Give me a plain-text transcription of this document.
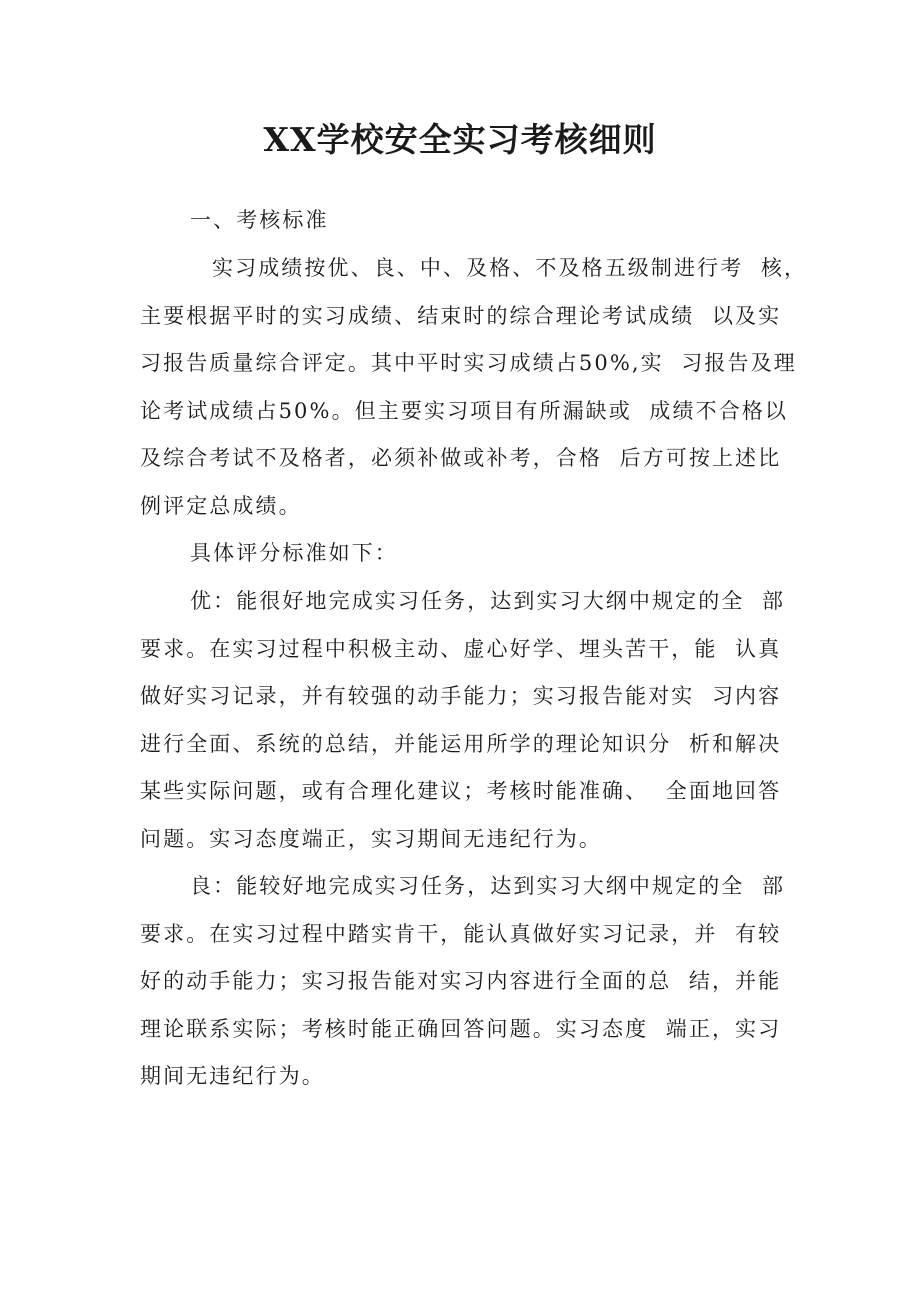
XX学校安全实习考核细则

一、考核标准

实习成绩按优、良、中、及格、不及格五级制进行考  核，

主要根据平时的实习成绩、结束时的综合理论考试成绩  以及实

习报告质量综合评定。其中平时实习成绩占50%,实  习报告及理

论考试成绩占50%。但主要实习项目有所漏缺或  成绩不合格以

及综合考试不及格者，必须补做或补考，合格  后方可按上述比

例评定总成绩。

具体评分标准如下：

优：能很好地完成实习任务，达到实习大纲中规定的全  部

要求。在实习过程中积极主动、虚心好学、埋头苦干，能  认真

做好实习记录，并有较强的动手能力；实习报告能对实  习内容

进行全面、系统的总结，并能运用所学的理论知识分  析和解决

某些实际问题，或有合理化建议；考核时能准确、  全面地回答

问题。实习态度端正，实习期间无违纪行为。

良：能较好地完成实习任务，达到实习大纲中规定的全  部

要求。在实习过程中踏实肯干，能认真做好实习记录，并  有较

好的动手能力；实习报告能对实习内容进行全面的总  结，并能

理论联系实际；考核时能正确回答问题。实习态度  端正，实习

期间无违纪行为。
